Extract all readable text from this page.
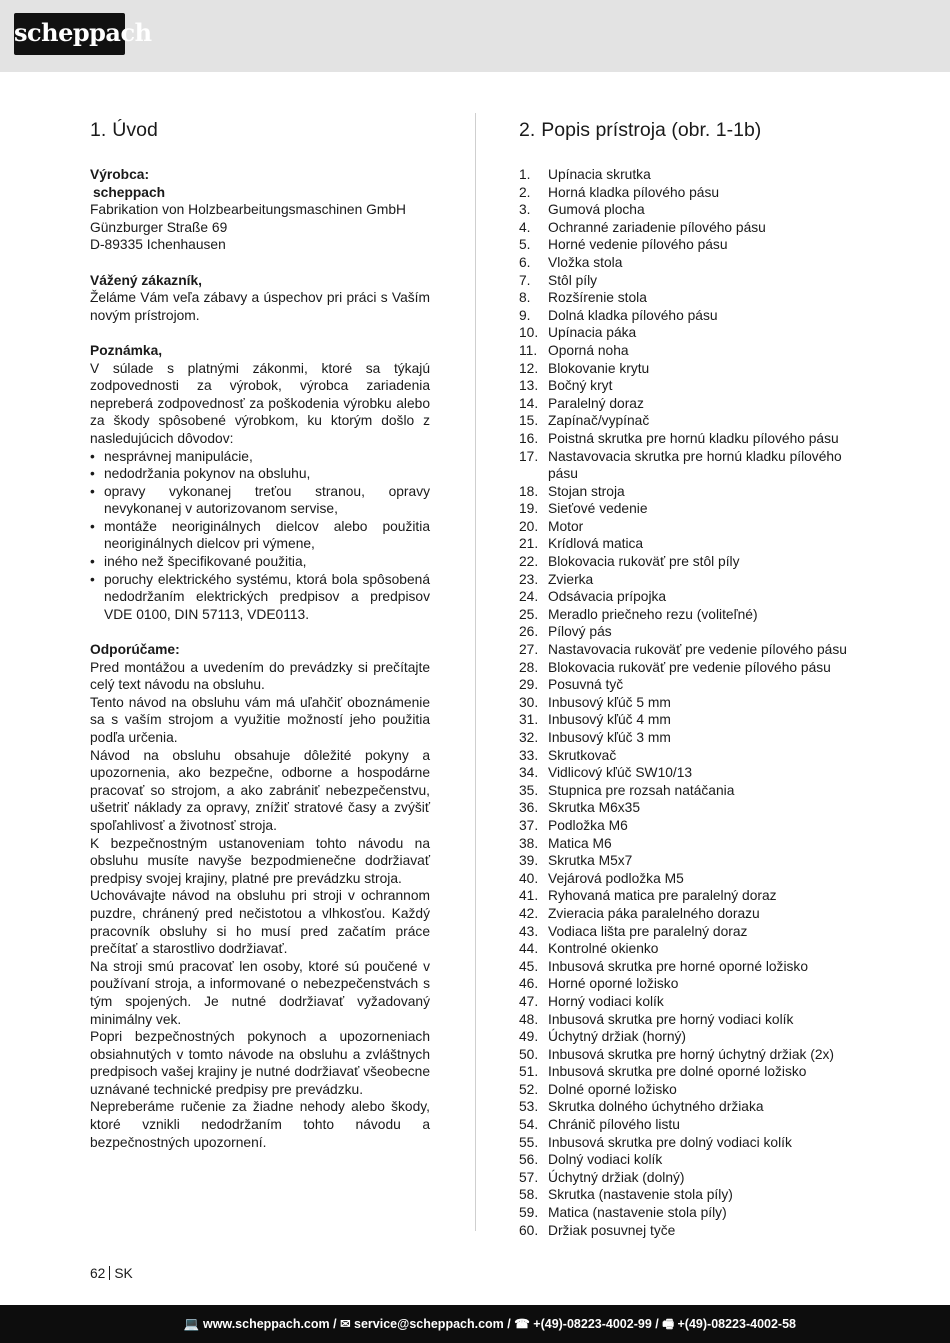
scheppach
1. Úvod
Výrobca:
scheppach
Fabrikation von Holzbearbeitungsmaschinen GmbH
Günzburger Straße 69
D-89335 Ichenhausen
Vážený zákazník,
Želáme Vám veľa zábavy a úspechov pri práci s Vaším novým prístrojom.
Poznámka,
V súlade s platnými zákonmi, ktoré sa týkajú zodpovednosti za výrobok, výrobca zariadenia nepreberá zodpovednosť za poškodenia výrobku alebo za škody spôsobené výrobkom, ku ktorým došlo z nasledujúcich dôvodov:
• nesprávnej manipulácie,
• nedodržania pokynov na obsluhu,
• opravy vykonanej treťou stranou, opravy nevykonanej v autorizovanom servise,
• montáže neoriginálnych dielcov alebo použitia neoriginálnych dielcov pri výmene,
• iného než špecifikované použitia,
• poruchy elektrického systému, ktorá bola spôsobená nedodržaním elektrických predpisov a predpisov VDE 0100, DIN 57113, VDE0113.
Odporúčame:
Pred montážou a uvedením do prevádzky si prečítajte celý text návodu na obsluhu.
Tento návod na obsluhu vám má uľahčiť oboznámenie sa s vaším strojom a využitie možností jeho použitia podľa určenia.
Návod na obsluhu obsahuje dôležité pokyny a upozornenia, ako bezpečne, odborne a hospodárne pracovať so strojom, a ako zabrániť nebezpečenstvu, ušetriť náklady za opravy, znížiť stratové časy a zvýšiť spoľahlivosť a životnosť stroja.
K bezpečnostným ustanoveniam tohto návodu na obsluhu musíte navyše bezpodmienečne dodržiavať predpisy svojej krajiny, platné pre prevádzku stroja.
Uchovávajte návod na obsluhu pri stroji v ochrannom puzdre, chránený pred nečistotou a vlhkosťou. Každý pracovník obsluhy si ho musí pred začatím práce prečítať a starostlivo dodržiavať.
Na stroji smú pracovať len osoby, ktoré sú poučené v používaní stroja, a informované o nebezpečenstvách s tým spojených. Je nutné dodržiavať vyžadovaný minimálny vek.
Popri bezpečnostných pokynoch a upozorneniach obsiahnutých v tomto návode na obsluhu a zvláštnych predpisoch vašej krajiny je nutné dodržiavať všeobecne uznávané technické predpisy pre prevádzku.
Nepreberáme ručenie za žiadne nehody alebo škody, ktoré vznikli nedodržaním tohto návodu a bezpečnostných upozornení.
2. Popis prístroja (obr. 1-1b)
1.	Upínacia skrutka
2.	Horná kladka pílového pásu
3.	Gumová plocha
4.	Ochranné zariadenie pílového pásu
5.	Horné vedenie pílového pásu
6.	Vložka stola
7.	Stôl píly
8.	Rozšírenie stola
9.	Dolná kladka pílového pásu
10. Upínacia páka
11. Oporná noha
12. Blokovanie krytu
13. Bočný kryt
14. Paralelný doraz
15. Zapínač/vypínač
16. Poistná skrutka pre hornú kladku pílového pásu
17. Nastavovacia skrutka pre hornú kladku pílového pásu
18. Stojan stroja
19. Sieťové vedenie
20. Motor
21. Krídlová matica
22. Blokovacia rukoväť pre stôl píly
23. Zvierka
24. Odsávacia prípojka
25. Meradlo priečneho rezu (voliteľné)
26. Pílový pás
27. Nastavovacia rukoväť pre vedenie pílového pásu
28. Blokovacia rukoväť pre vedenie pílového pásu
29. Posuvná tyč
30. Inbusový kľúč 5 mm
31. Inbusový kľúč 4 mm
32. Inbusový kľúč 3 mm
33. Skrutkovač
34. Vidlicový kľúč SW10/13
35. Stupnica pre rozsah natáčania
36. Skrutka M6x35
37. Podložka M6
38. Matica M6
39. Skrutka M5x7
40. Vejárová podložka M5
41. Ryhovaná matica pre paralelný doraz
42. Zvieracia páka paralelného dorazu
43. Vodiaca lišta pre paralelný doraz
44. Kontrolné okienko
45. Inbusová skrutka pre horné oporné ložisko
46. Horné oporné ložisko
47. Horný vodiaci kolík
48. Inbusová skrutka pre horný vodiaci kolík
49. Úchytný držiak (horný)
50. Inbusová skrutka pre horný úchytný držiak (2x)
51. Inbusová skrutka pre dolné oporné ložisko
52. Dolné oporné ložisko
53. Skrutka dolného úchytného držiaka
54. Chránič pílového listu
55. Inbusová skrutka pre dolný vodiaci kolík
56. Dolný vodiaci kolík
57. Úchytný držiak (dolný)
58. Skrutka (nastavenie stola píly)
59. Matica (nastavenie stola píly)
60. Držiak posuvnej tyče
62 SK
💻 www.scheppach.com / ✉ service@scheppach.com / ☎ +(49)-08223-4002-99 / 🖷 +(49)-08223-4002-58
